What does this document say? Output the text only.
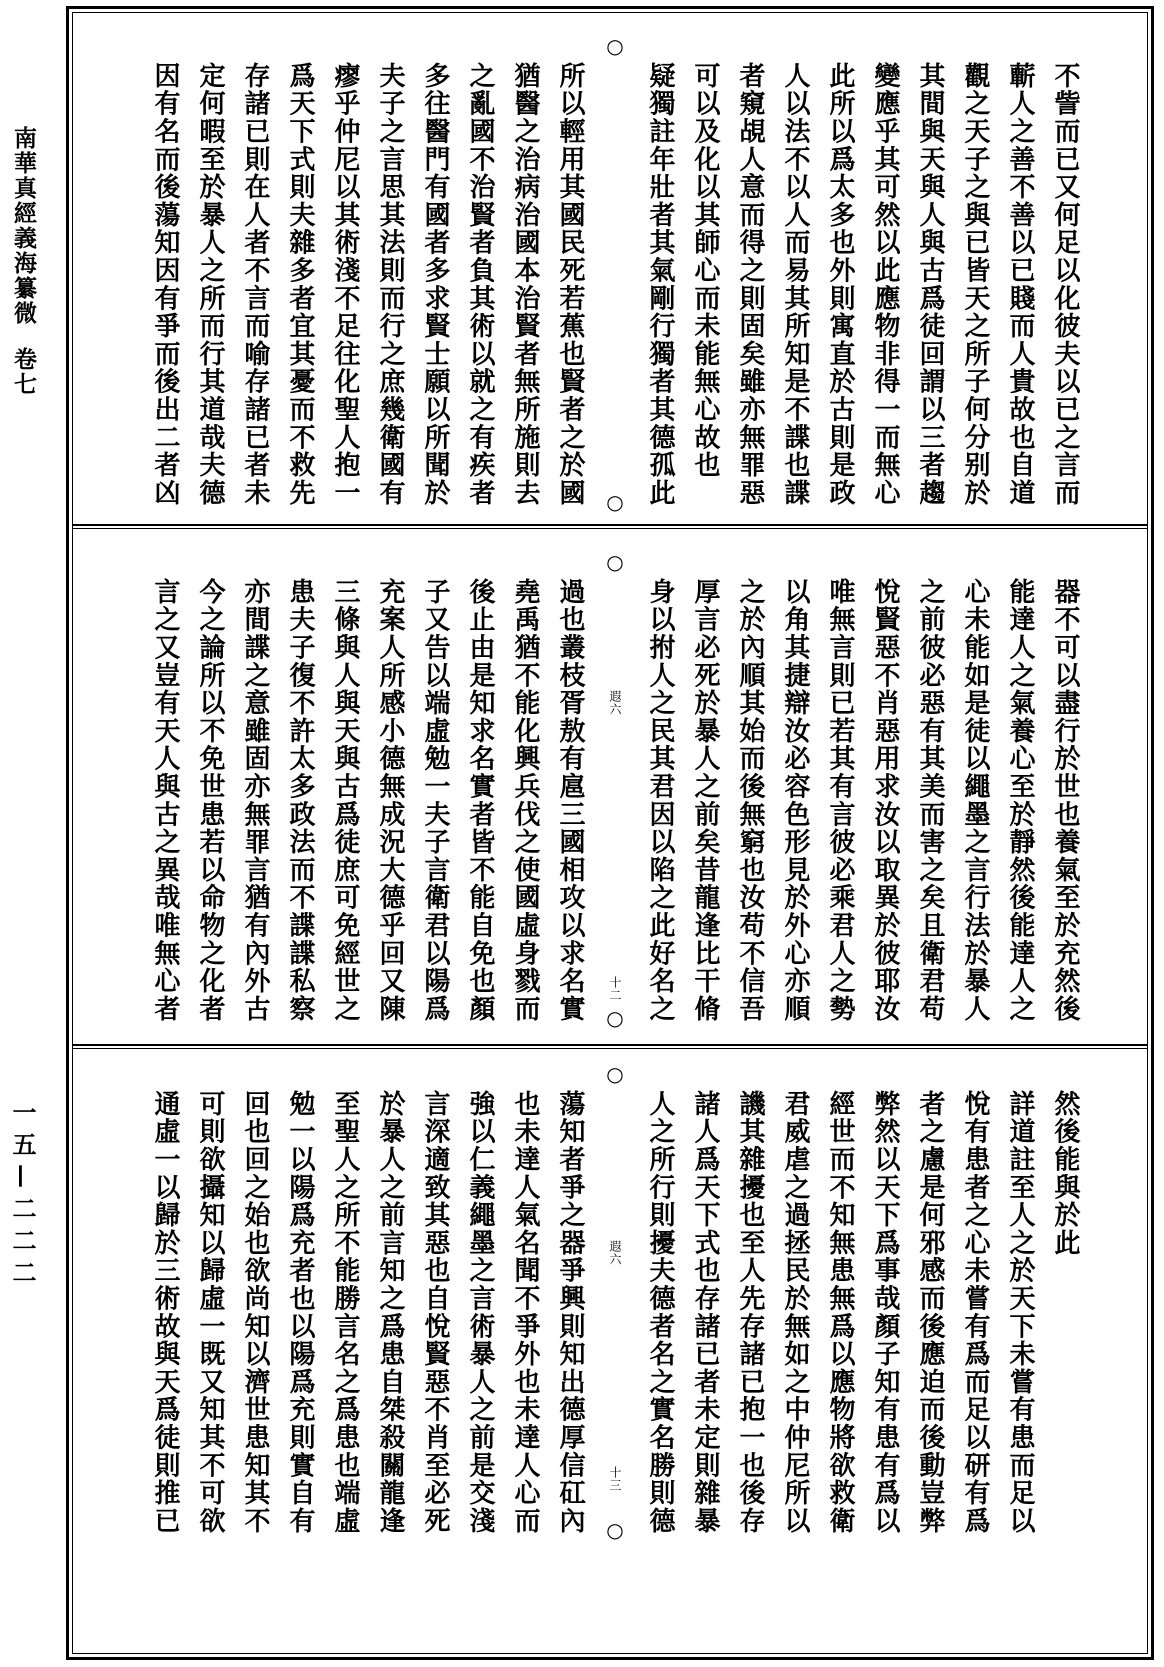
南華真經義海纂微
卷七
一五—二二二
○
○	不訾而已又何足以化彼夫以已之言而
蘄人之善不善以已賤而人貴故也自道
觀之天子之與已皆天之所子何分别於
其間與天與人與古爲徒回謂以三者趨
變應乎其可然以此應物非得一而無心
此所以爲太多也外則寓直於古則是政
人以法不以人而易其所知是不諜也諜
者窺覘人意而得之則固矣雖亦無罪惡
可以及化以其師心而未能無心故也
疑獨註年壯者其氣剛行獨者其德孤此
所以輕用其國民死若蕉也賢者之於國
猶醫之治病治國本治賢者無所施則去
之亂國不治賢者負其術以就之有疾者
多往醫門有國者多求賢士願以所聞於
夫子之言思其法則而行之庶幾衛國有
瘳乎仲尼以其術淺不足往化聖人抱一
爲天下式則夫雜多者宜其憂而不救先
存諸已則在人者不言而喻存諸已者未
定何暇至於暴人之所而行其道哉夫德
因有名而後蕩知因有爭而後出二者凶
○
○
遐六
十二	器不可以盡行於世也養氣至於充然後
能達人之氣養心至於靜然後能達人之
心未能如是徒以繩墨之言行法於暴人
之前彼必惡有其美而害之矣且衛君苟
悅賢惡不肖惡用求汝以取異於彼耶汝
唯無言則已若其有言彼必乘君人之勢
以角其捷辯汝必容色形見於外心亦順
之於內順其始而後無窮也汝苟不信吾
厚言必死於暴人之前矣昔龍逢比干脩
身以拊人之民其君因以陷之此好名之
過也叢枝胥敖有扈三國相攻以求名實
堯禹猶不能化興兵伐之使國虛身戮而
後止由是知求名實者皆不能自免也顏
子又告以端虛勉一夫子言衛君以陽爲
充案人所感小德無成況大德乎回又陳
三條與人與天與古爲徒庶可免經世之
患夫子復不許太多政法而不諜諜私察
亦間諜之意雖固亦無罪言猶有內外古
今之論所以不免世患若以命物之化者
言之又豈有天人與古之異哉唯無心者
○
○
遐六
十三
然後能與於此
詳道註至人之於天下未嘗有患而足以
悅有患者之心未嘗有爲而足以研有爲
者之慮是何邪感而後應迫而後動豈弊
弊然以天下爲事哉顏子知有患有爲以
經世而不知無患無爲以應物將欲救衛
君威虐之過拯民於無如之中仲尼所以
譏其雜擾也至人先存諸已抱一也後存
諸人爲天下式也存諸已者未定則雜暴
人之所行則擾夫德者名之實名勝則德
蕩知者爭之器爭興則知出德厚信矼內
也未達人氣名聞不爭外也未達人心而
強以仁義繩墨之言術暴人之前是交淺
言深適致其惡也自悅賢惡不肖至必死
於暴人之前言知之爲患自桀殺關龍逢
至聖人之所不能勝言名之爲患也端虛
勉一以陽爲充者也以陽爲充則實自有
回也回之始也欲尚知以濟世患知其不
可則欲攝知以歸虛一既又知其不可欲
通虛一以歸於三術故與天爲徒則推已
